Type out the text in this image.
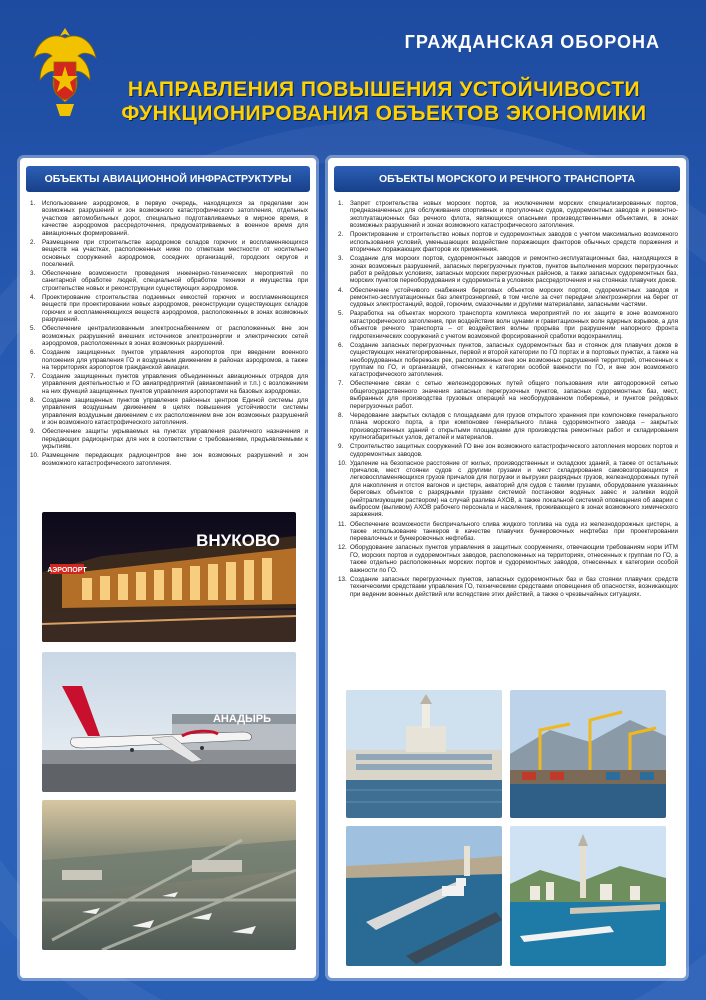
ГРАЖДАНСКАЯ ОБОРОНА
НАПРАВЛЕНИЯ ПОВЫШЕНИЯ УСТОЙЧИВОСТИ
ФУНКЦИОНИРОВАНИЯ ОБЪЕКТОВ ЭКОНОМИКИ
ОБЪЕКТЫ АВИАЦИОННОЙ ИНФРАСТРУКТУРЫ
1. Использование аэродромов, в первую очередь, находящихся за пределами зон возможных разрушений и зон возможного катастрофического затопления, отдельных участков автомобильных дорог, специально подготавливаемых в мирное время, в качестве аэродромов рассредоточения, предусматриваемых в военное время для авиационных формирований.
2. Размещение при строительстве аэродромов складов горючих и воспламеняющихся веществ на участках, расположенных ниже по отметкам местности от носительно основных сооружений аэродромов, соседних организаций, городских округов и поселений.
3. Обеспечение возможности проведения инженерно-технических мероприятий по санитарной обработке людей, специальной обработке техники и имущества при строительстве новых и реконструкции существующих аэродромов.
4. Проектирование строительства подземных емкостей горючих и воспламеняющихся веществ при проектировании новых аэродромов, реконструкции существующих складов горючих и воспламеняющихся веществ аэродромов, расположенных в зонах возможных разрушений.
5. Обеспечение централизованным электроснабжением от расположенных вне зон возможных разрушений внешних источников электроэнергии и электрических сетей аэродромов, расположенных в зонах возможных разрушений.
6. Создание защищенных пунктов управления аэропортов при введении военного положения для управления ГО и воздушным движением в районах аэродромов, а также на территориях аэропортов гражданской авиации.
7. Создание защищенных пунктов управления объединенных авиационных отрядов для управления деятельностью и ГО авиапредприятий (авиакомпаний и т.п.) с возложением на них функций защищенных пунктов управления аэропортами на базовых аэродромах.
8. Создание защищенных пунктов управления районных центров Единой системы для управления воздушным движением в целях повышения устойчивости системы управления воздушным движением с их расположением вне зон возможных разрушений и зон возможного катастрофического затопления.
9. Обеспечение защиты укрываемых на пунктах управления различного назначения и передающих радиоцентрах для них в соответствии с требованиями, предъявляемыми к укрытиям.
10. Размещение передающих радиоцентров вне зон возможных разрушений и зон возможного катастрофического затопления.
АЭРОПОРТ
ВНУКОВО
АНАДЫРЬ
ОБЪЕКТЫ МОРСКОГО И РЕЧНОГО ТРАНСПОРТА
1. Запрет строительства новых морских портов, за исключением морских специализированных портов, предназначенных для обслуживания спортивных и прогулочных судов, судоремонтных заводов и ремонтно-эксплуатационных баз речного флота, являющихся опасными производственными объектами, в зонах возможных разрушений и зонах возможного катастрофического затопления.
2. Проектирование и строительство новых портов и судоремонтных заводов с учетом максимально возможного использования условий, уменьшающих воздействие поражающих факторов обычных средств поражения и вторичных поражающих факторов их применения.
3. Создание для морских портов, судоремонтных заводов и ремонтно-эксплуатационных баз, находящихся в зонах возможных разрушений, запасных перегрузочных пунктов, пунктов выполнения морских перегрузочных работ в рейдовых условиях, запасных морских перегрузочных районов, а также запасных судоремонтных баз, морских пунктов переоборудования и судоремонта в условиях рассредоточения и на стоянках плавучих доков.
4. Обеспечение устойчивого снабжения береговых объектов морских портов, судоремонтных заводов и ремонтно-эксплуатационных баз электроэнергией, в том числе за счет передачи электроэнергии на берег от судовых электростанций, водой, горючим, смазочными и другими материалами, запасными частями.
5. Разработка на объектах морского транспорта комплекса мероприятий по их защите в зоне возможного катастрофического затопления, при воздействии волн цунами и гравитационных волн ядерных взрывов, а для объектов речного транспорта – от воздействия волны прорыва при разрушении напорного фронта гидротехнических сооружений с учетом возможной форсированной сработки водохранилищ.
6. Создание запасных перегрузочных пунктов, запасных судоремонтных баз и стоянок для плавучих доков в существующих некатегорированных, первой и второй категории по ГО портах и в портовых пунктах, а также на необорудованных побережьях рек, расположенных вне зон возможных разрушений территорий, отнесенных к группам по ГО, и организаций, отнесенных к категории особой важности по ГО, и вне зон возможного катастрофического затопления.
7. Обеспечение связи с сетью железнодорожных путей общего пользования или автодорожной сетью общегосударственного значения запасных перегрузочных пунктов, запасных судоремонтных баз, мест, выбранных для производства грузовых операций на необорудованном побережье, и пунктов рейдовых перегрузочных работ.
8. Чередование закрытых складов с площадками для грузов открытого хранения при компоновке генерального плана морского порта, а при компоновке генерального плана судоремонтного завода – закрытых производственных зданий с открытыми площадками для производства ремонтных работ и складирования крупногабаритных узлов, деталей и материалов.
9. Строительство защитных сооружений ГО вне зон возможного катастрофического затопления морских портов и судоремонтных заводов.
10. Удаление на безопасное расстояние от жилых, производственных и складских зданий, а также от остальных причалов, мест стоянки судов с другими грузами и мест складирования самовозгорающихся и легковоспламеняющихся грузов причалов для погрузки и выгрузки разрядных грузов, железнодорожных путей для накопления и отстоя вагонов и цистерн, акваторий для судов с такими грузами, оборудование указанных береговых объектов с разрядными грузами системой постановки водяных завес и заливки водой (нейтрализующим раствором) на случай разлива АХОВ, а также локальной системой оповещения об аварии с выбросом (выливом) АХОВ рабочего персонала и населения, проживающего в зонах возможного химического заражения.
11. Обеспечение возможности беспричального слива жидкого топлива на суда из железнодорожных цистерн, а также использование танкеров в качестве плавучих бункеровочных нефтебаз при проектировании перевалочных и бункеровочных нефтебаз.
12. Оборудование запасных пунктов управления в защитных сооружениях, отвечающим требованиям норм ИТМ ГО, морских портов и судоремонтных заводов, расположенных на территориях, отнесенных к группам по ГО, а также отдельно расположенных морских портов и судоремонтных заводов, отнесенных к категории особой важности по ГО.
13. Создание запасных перегрузочных пунктов, запасных судоремонтных баз и баз стоянки плавучих средств техническими средствами управления ГО, техническими средствами оповещения об опасностях, возникающих при ведении военных действий или вследствие этих действий, а также о чрезвычайных ситуациях.
